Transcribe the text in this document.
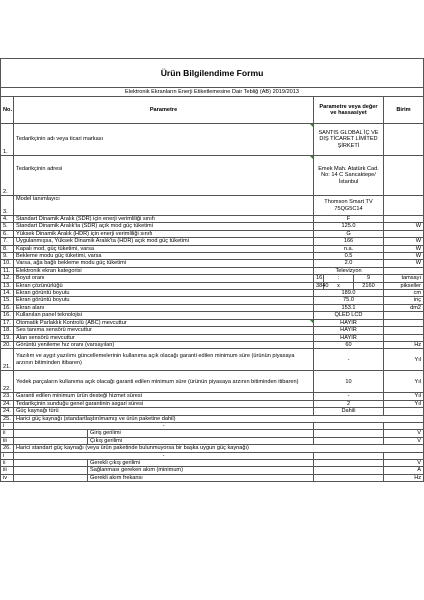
Ürün Bilgilendime Formu						
Elektronik Ekranların Enerji Etiketlemesine Dair Tebliğ (AB) 2019/2013						
No.	Parametre		Parametre veya değer ve hassasiyet			Birim
1.	Tedarikçinin adı veya ticari markası		SANTIS GLOBAL İÇ VE DIŞ TİCARET LİMİTED ŞİRKETİ			
2.	Tedarikçinin adresi		Emek Mah. Atatürk Cad. No: 14 C Sancaktepe/İstanbul			
3.	Model tanımlayıcı		Thomson Smart TV 75QG5C14			
4.	Standart Dinamik Aralık (SDR) için enerji verimliliği sınıfı		F			
5.	Standart Dinamik Aralık'ta (SDR) açık mod güç tüketimi		125.0			W
6.	Yüksek Dinamik Aralık (HDR) için enerji verimliliği sınıfı		G			
7.	Uygulanmışsa, Yüksek Dinamik Aralık'ta (HDR) açık mod güç tüketimi		166			W
8.	Kapalı mod, güç tüketimi, varsa		n.a.			W
9.	Bekleme modu güç tüketimi, varsa		0.5			W
10.	Varsa, ağa bağlı bekleme modu güç tüketimi		2.0			W
11.	Elektronik ekran kategorisi		Televizyon			
12.	Boyut oranı		16	:	9	tamsayı
13.	Ekran çözünürlüğü		3840	x	2160	pikseller
14.	Ekran görüntü boyutu		189.0			cm
15.	Ekran görüntü boyutu		75.0			inç
16.	Ekran alanı		153.1			dm2
16.	Kullanılan panel teknolojisi		QLED LCD			
17.	Otomatik Parlaklık Kontrolü (ABC) mevcuttur		HAYIR			
18.	Ses tanıma sensörü mevcuttur		HAYIR			
19.	Alan sensörü mevcuttur		HAYIR			
20.	Görüntü yenileme hız oranı (varsayılan)		60			Hz
21.	Yazılım ve aygıt yazılımı güncellemelerinin kullanıma açık olacağı garanti edilen minimum süre (ürünün piyasaya arzının bitiminden itibaren)		-			Yıl
22.	Yedek parçaların kullanıma açık olacağı garanti edilen minimum süre (ürünün piyasaya arzının bitiminden itibaren)		10			Yıl
23.	Garanti edilen minimum ürün desteği hizmet süresi		-			Yıl
24.	Tedarikçinin sunduğu genel garantinin asgari süresi		2			Yıl
24.	Güç kaynağı türü		Dahili			
25.	Harici güç kaynağı (standartlaştırılmamış ve ürün paketine dahil)					
i	-					
ii		Giriş gerilimi				V
iii		Çıkış gerilimi				V
26.	Harici standart güç kaynağı (veya ürün paketinde bulunmuyorsa bir başka uygun güç kaynağı)					
i	-					
ii		Gerekli çıkış gerilimi				V
iii		Sağlanması gereken akım (minimum)				A
iv		Gerekli akım frekansı				Hz
